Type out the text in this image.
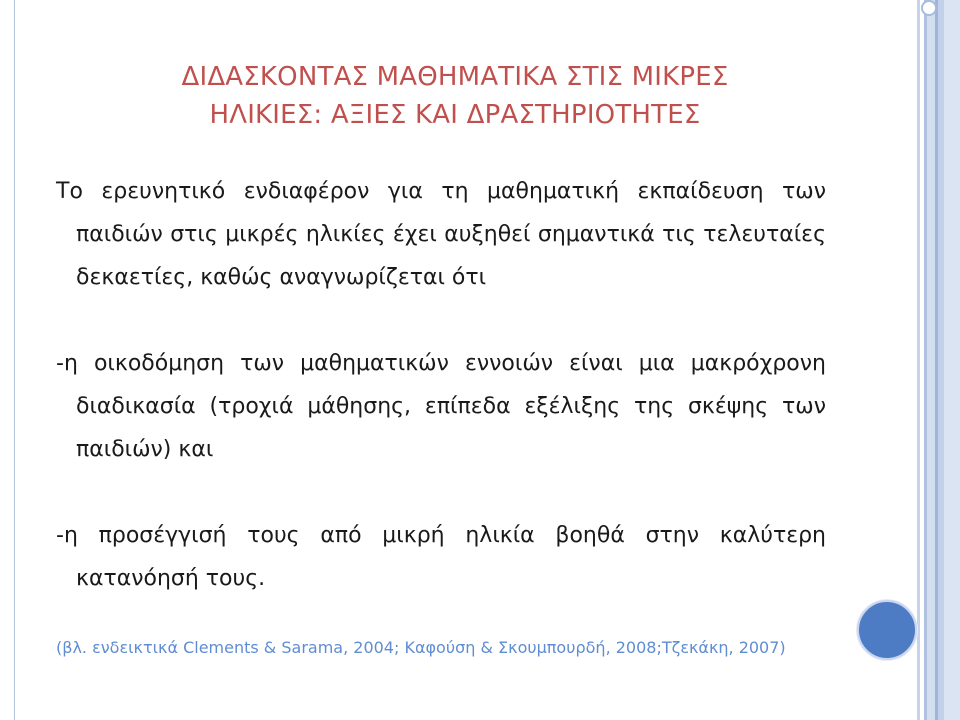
ΔΙΔΑΣΚΟΝΤΑΣ ΜΑΘΗΜΑΤΙΚΑ ΣΤΙΣ ΜΙΚΡΕΣ
ΗΛΙΚΙΕΣ: ΑΞΙΕΣ ΚΑΙ ΔΡΑΣΤΗΡΙΟΤΗΤΕΣ

Το ερευνητικό ενδιαφέρον για τη μαθηματική εκπαίδευση των παιδιών στις μικρές ηλικίες έχει αυξηθεί σημαντικά τις τελευταίες δεκαετίες, καθώς αναγνωρίζεται ότι

-η οικοδόμηση των μαθηματικών εννοιών είναι μια μακρόχρονη διαδικασία (τροχιά μάθησης, επίπεδα εξέλιξης της σκέψης των παιδιών) και

-η προσέγγισή τους από μικρή ηλικία βοηθά στην καλύτερη κατανόησή τους.

(βλ. ενδεικτικά Clements & Sarama, 2004; Καφούση & Σκουμπουρδή, 2008;Τζεκάκη, 2007)
